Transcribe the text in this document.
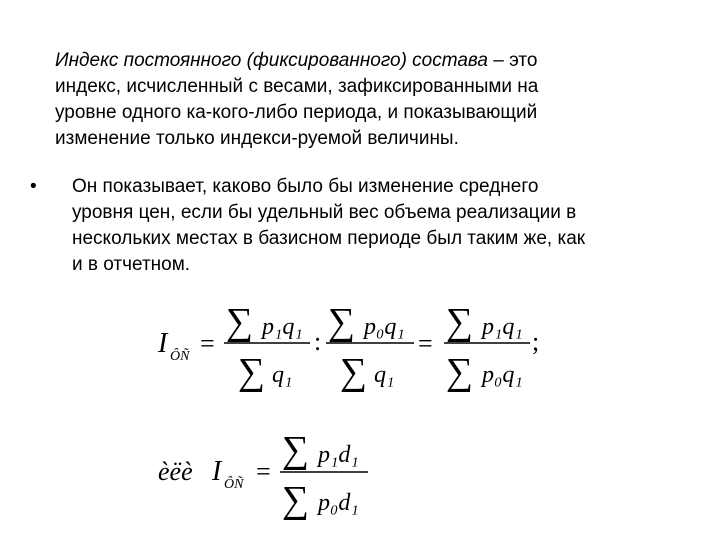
Индекс постоянного (фиксированного) состава – это
индекс, исчисленный с весами, зафиксированными на
уровне одного ка-кого-либо периода, и показывающий
изменение только индекси-руемой величины.
•	Он показывает, каково было бы изменение среднего
уровня цен, если бы удельный вес объема реализации в
нескольких местах в базисном периоде был таким же, как
и в отчетном.
I ÔÑ =
∑ p₁q₁
∑ q₁
: ∑ p₀q₁
∑ q₁
=
∑ p₁q₁
∑ p₀q₁
;
èëè I ÔÑ =
∑ p₁d₁
∑ p₀d₁
